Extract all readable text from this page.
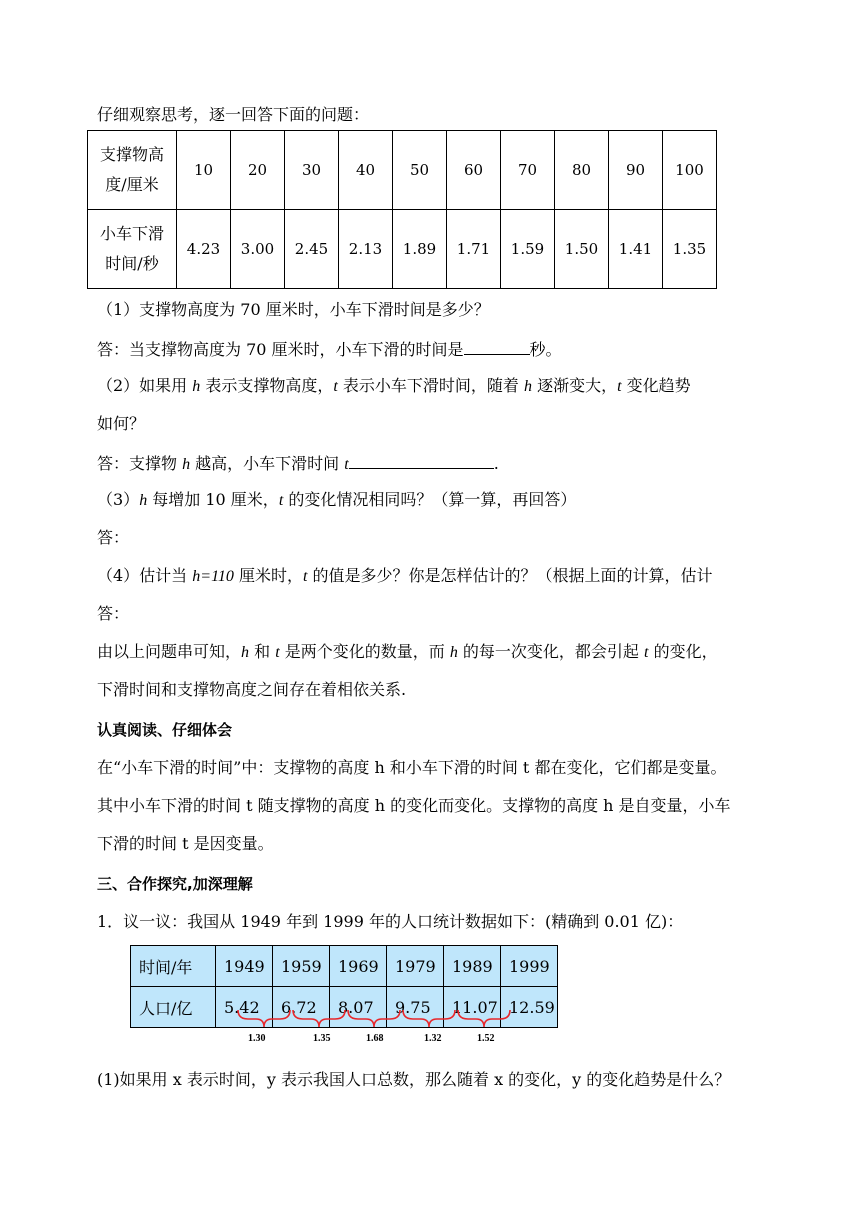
仔细观察思考，逐一回答下面的问题：
支撑物高
度/厘米	10	20	30	40	50	60	70	80	90	100
小车下滑
时间/秒	4.23	3.00	2.45	2.13	1.89	1.71	1.59	1.50	1.41	1.35
（1）支撑物高度为 70 厘米时，小车下滑时间是多少？
答：当支撑物高度为 70 厘米时，小车下滑的时间是	秒。
（2）如果用 h 表示支撑物高度，t 表示小车下滑时间，随着 h 逐渐变大，t 变化趋势
如何？
答：支撑物 h 越高，小车下滑时间 t	.
（3）h 每增加 10 厘米，t 的变化情况相同吗？（算一算，再回答）
答：
（4）估计当 h=110 厘米时，t 的值是多少？你是怎样估计的？（根据上面的计算，估计
答：
由以上问题串可知，h 和 t 是两个变化的数量，而 h 的每一次变化，都会引起 t 的变化，
下滑时间和支撑物高度之间存在着相依关系.
认真阅读、仔细体会
在“小车下滑的时间”中：支撑物的高度 h 和小车下滑的时间 t 都在变化，它们都是变量。
其中小车下滑的时间 t 随支撑物的高度 h 的变化而变化。支撑物的高度 h 是自变量，小车
下滑的时间 t 是因变量。
三、合作探究,加深理解
1．议一议：我国从 1949 年到 1999 年的人口统计数据如下：(精确到 0.01 亿)：
时间/年	1949	1959	1969	1979	1989	1999
人口/亿	5.42	6.72	8.07	9.75	11.07	12.59
1.30	1.35	1.68	1.32	1.52
(1)如果用 x 表示时间，y 表示我国人口总数，那么随着 x 的变化，y 的变化趋势是什么？
